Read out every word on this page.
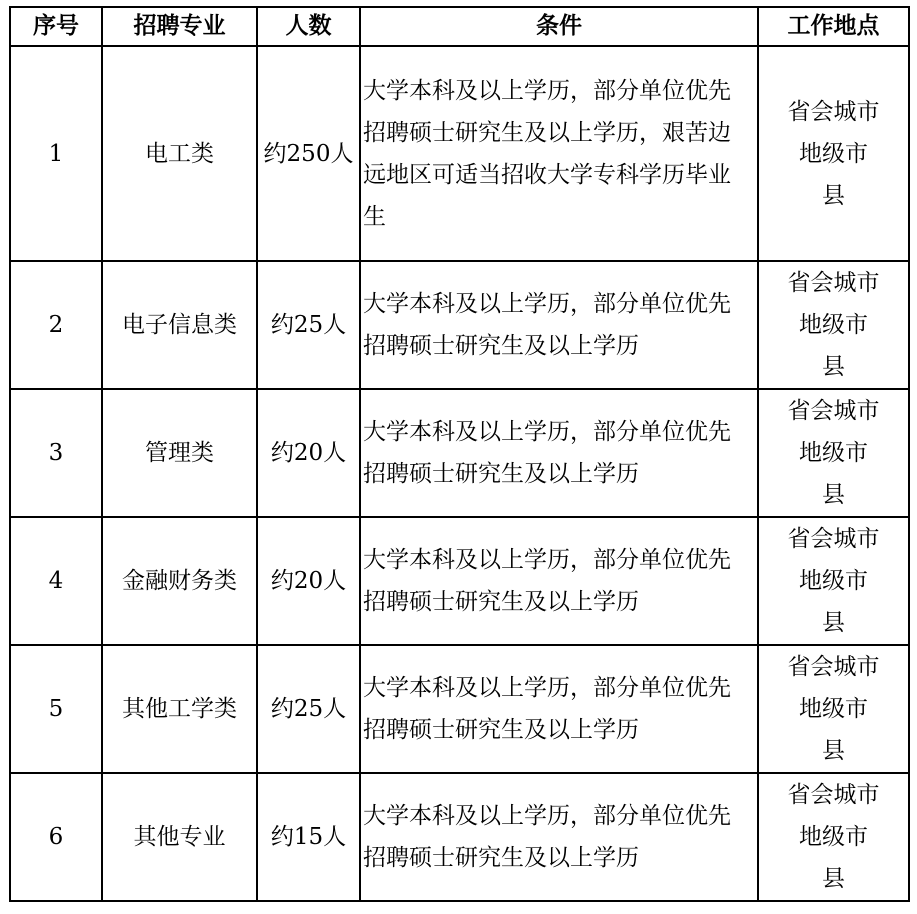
序号	招聘专业	人数	条件	工作地点
1	电工类	约250人	大学本科及以上学历，部分单位优先招聘硕士研究生及以上学历，艰苦边远地区可适当招收大学专科学历毕业生	省会城市
地级市
县

2	电子信息类	约25人	大学本科及以上学历，部分单位优先招聘硕士研究生及以上学历	省会城市
地级市
县

3	管理类	约20人	大学本科及以上学历，部分单位优先招聘硕士研究生及以上学历	省会城市
地级市
县

4	金融财务类	约20人	大学本科及以上学历，部分单位优先招聘硕士研究生及以上学历	省会城市
地级市
县

5	其他工学类	约25人	大学本科及以上学历，部分单位优先招聘硕士研究生及以上学历	省会城市
地级市
县

6	其他专业	约15人	大学本科及以上学历，部分单位优先招聘硕士研究生及以上学历	省会城市
地级市
县
